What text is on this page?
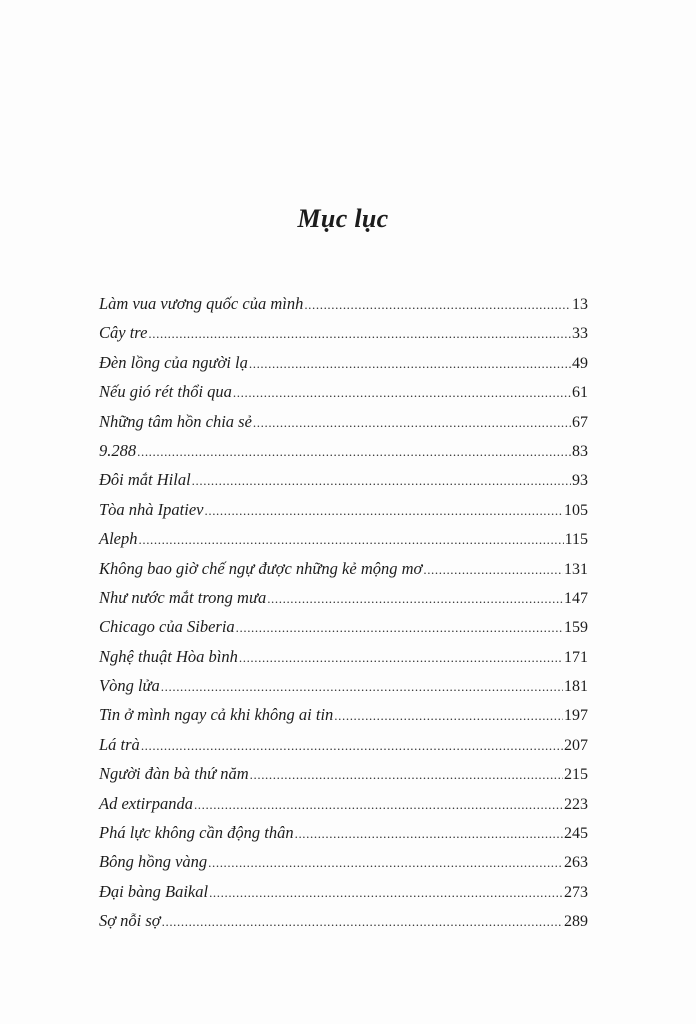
Mục lục
Làm vua vương quốc của mình .....	13
Cây tre .....	33
Đèn lồng của người lạ .....	49
Nếu gió rét thổi qua .....	61
Những tâm hồn chia sẻ .....	67
9.288 .....	83
Đôi mắt Hilal .....	93
Tòa nhà Ipatiev .....	105
Aleph .....	115
Không bao giờ chế ngự được những kẻ mộng mơ .....	131
Như nước mắt trong mưa .....	147
Chicago của Siberia .....	159
Nghệ thuật Hòa bình .....	171
Vòng lửa .....	181
Tin ở mình ngay cả khi không ai tin .....	197
Lá trà .....	207
Người đàn bà thứ năm .....	215
Ad extirpanda .....	223
Phá lực không cần động thân .....	245
Bông hồng vàng .....	263
Đại bàng Baikal .....	273
Sợ nỗi sợ .....	289
